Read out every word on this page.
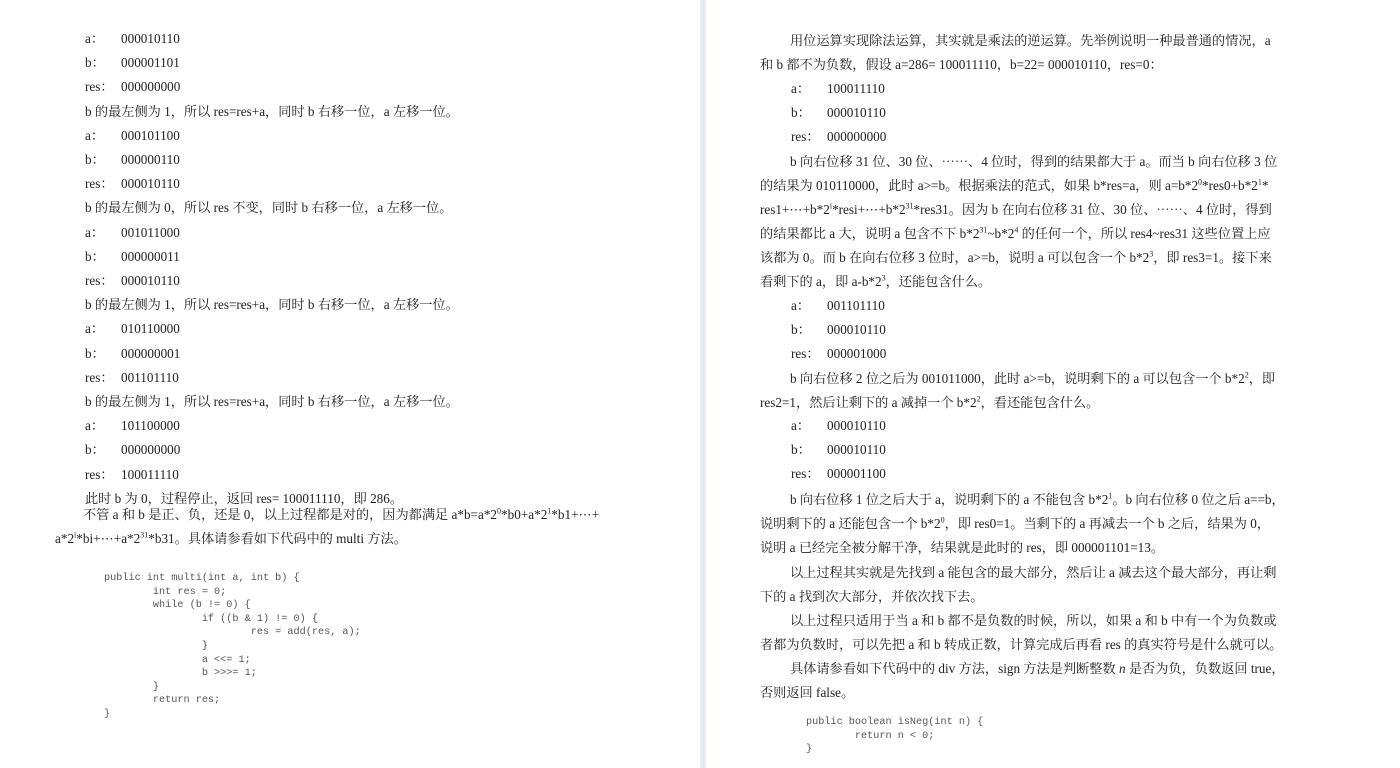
a： 000010110
b： 000001101
res： 000000000
b 的最左侧为 1，所以 res=res+a，同时 b 右移一位，a 左移一位。
a： 000101100
b： 000000110
res： 000010110
b 的最左侧为 0，所以 res 不变，同时 b 右移一位，a 左移一位。
a： 001011000
b： 000000011
res： 000010110
b 的最左侧为 1，所以 res=res+a，同时 b 右移一位，a 左移一位。
a： 010110000
b： 000000001
res： 001101110
b 的最左侧为 1，所以 res=res+a，同时 b 右移一位，a 左移一位。
a： 101100000
b： 000000000
res： 100011110
此时 b 为 0，过程停止，返回 res= 100011110，即 286。
不管 a 和 b 是正、负，还是 0，以上过程都是对的，因为都满足 $a*b=a*2^0*b0+a*2^1*b1+\cdots+$
$a*2^i*bi+\cdots+a*2^{31}*b31$。具体请参看如下代码中的 multi 方法。
public int multi(int a, int b) {
int res = 0;
while (b != 0) {
if ((b & 1) != 0) {
res = add(res, a);
}
a <<= 1;
b >>>= 1;
}
return res;
}
用位运算实现除法运算，其实就是乘法的逆运算。先举例说明一种最普通的情况，a
和 b 都不为负数，假设 a=286= 100011110，b=22= 000010110，res=0：
a： 100011110
b： 000010110
res： 000000000
b 向右位移 31 位、30 位、⋯⋯、4 位时，得到的结果都大于 a。而当 b 向右位移 3 位
的结果为 010110000，此时 a>=b。根据乘法的范式，如果 b*res=a，则 $a=b*2^0*res0+b*2^1*$
$res1+\cdots+b*2^i*resi+\cdots+b*2^{31}*res31$。因为 b 在向右位移 31 位、30 位、⋯⋯、4 位时，得到
的结果都比 a 大，说明 a 包含不下 $b*2^{31}\sim b*2^4$ 的任何一个，所以 res4~res31 这些位置上应
该都为 0。而 b 在向右位移 3 位时，a>=b，说明 a 可以包含一个 $b*2^3$，即 res3=1。接下来
看剩下的 a，即 $a-b*2^3$，还能包含什么。
a： 001101110
b： 000010110
res： 000001000
b 向右位移 2 位之后为 001011000，此时 a>=b，说明剩下的 a 可以包含一个 $b*2^2$，即
res2=1，然后让剩下的 a 减掉一个 $b*2^2$，看还能包含什么。
a： 000010110
b： 000010110
res： 000001100
b 向右位移 1 位之后大于 a，说明剩下的 a 不能包含 $b*2^1$。b 向右位移 0 位之后 a==b，
说明剩下的 a 还能包含一个 $b*2^0$，即 res0=1。当剩下的 a 再减去一个 b 之后，结果为 0，
说明 a 已经完全被分解干净，结果就是此时的 res，即 000001101=13。
以上过程其实就是先找到 a 能包含的最大部分，然后让 a 减去这个最大部分，再让剩
下的 a 找到次大部分，并依次找下去。
以上过程只适用于当 a 和 b 都不是负数的时候，所以，如果 a 和 b 中有一个为负数或
者都为负数时，可以先把 a 和 b 转成正数，计算完成后再看 res 的真实符号是什么就可以。
具体请参看如下代码中的 div 方法，sign 方法是判断整数 n 是否为负，负数返回 true，
否则返回 false。
public boolean isNeg(int n) {
return n < 0;
}
